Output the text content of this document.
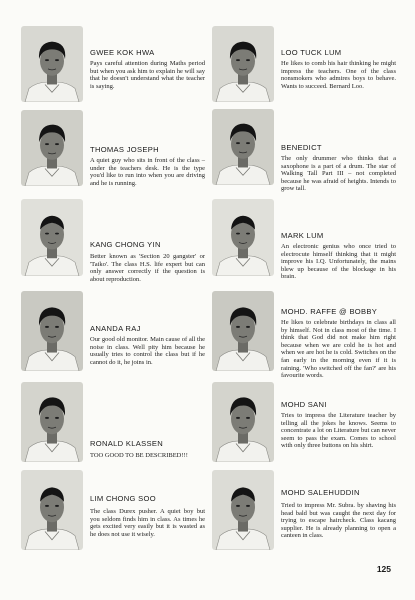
GWEE KOK HWA
Pays careful attention during Maths period but when you ask him to explain he will say that he doesn't understand what the teacher is saying.
THOMAS JOSEPH
A quiet guy who sits in front of the class – under the teachers desk. He is the type you'd like to run into when you are driving and he is running.
KANG CHONG YIN
Better known as 'Section 20 gangster' or 'Taiko'. The class H.S. life expert but can only answer correctly if the question is about reproduction.
ANANDA RAJ
Our good old monitor. Main cause of all the noise in class. Well pity him because he usually tries to control the class but if he cannot do it, he joins in.
RONALD KLASSEN
TOO GOOD TO BE DESCRIBED!!!
LIM CHONG SOO
The class Durex pusher. A quiet boy but you seldom finds him in class. As times he gets excited very easily but it is wasted as he does not use it wisely.
LOO TUCK LUM
He likes to comb his hair thinking he might impress the teachers. One of the class nonsmokers who admires boys to behave. Wants to succeed. Bernard Loo.
BENEDICT
The only drummer who thinks that a saxophone is a part of a drum. The star of Walking Tall Part III – not completed because he was afraid of heights. Intends to grow tall.
MARK LUM
An electronic genius who once tried to electrocute himself thinking that it might improve his I.Q. Unfortunately, the mains blew up because of the blockage in his brain.
MOHD. RAFFE @ BOBBY
He likes to celebrate birthdays in class all by himself. Not in class most of the time. I think that God did not make him right because when we are cold he is hot and when we are hot he is cold. Switches on the fan early in the morning even if it is raining. 'Who switched off the fan?' are his favourite words.
MOHD SANI
Tries to impress the Literature teacher by telling all the jokes he knows. Seems to concentrate a lot on Literature but can never seem to pass the exam. Comes to school with only three buttons on his shirt.
MOHD SALEHUDDIN
Tried to impress Mr. Subra. by shaving his head bald but was caught the next day for trying to escape haircheck. Class kacang supplier. He is already planning to open a canteen in class.
125
